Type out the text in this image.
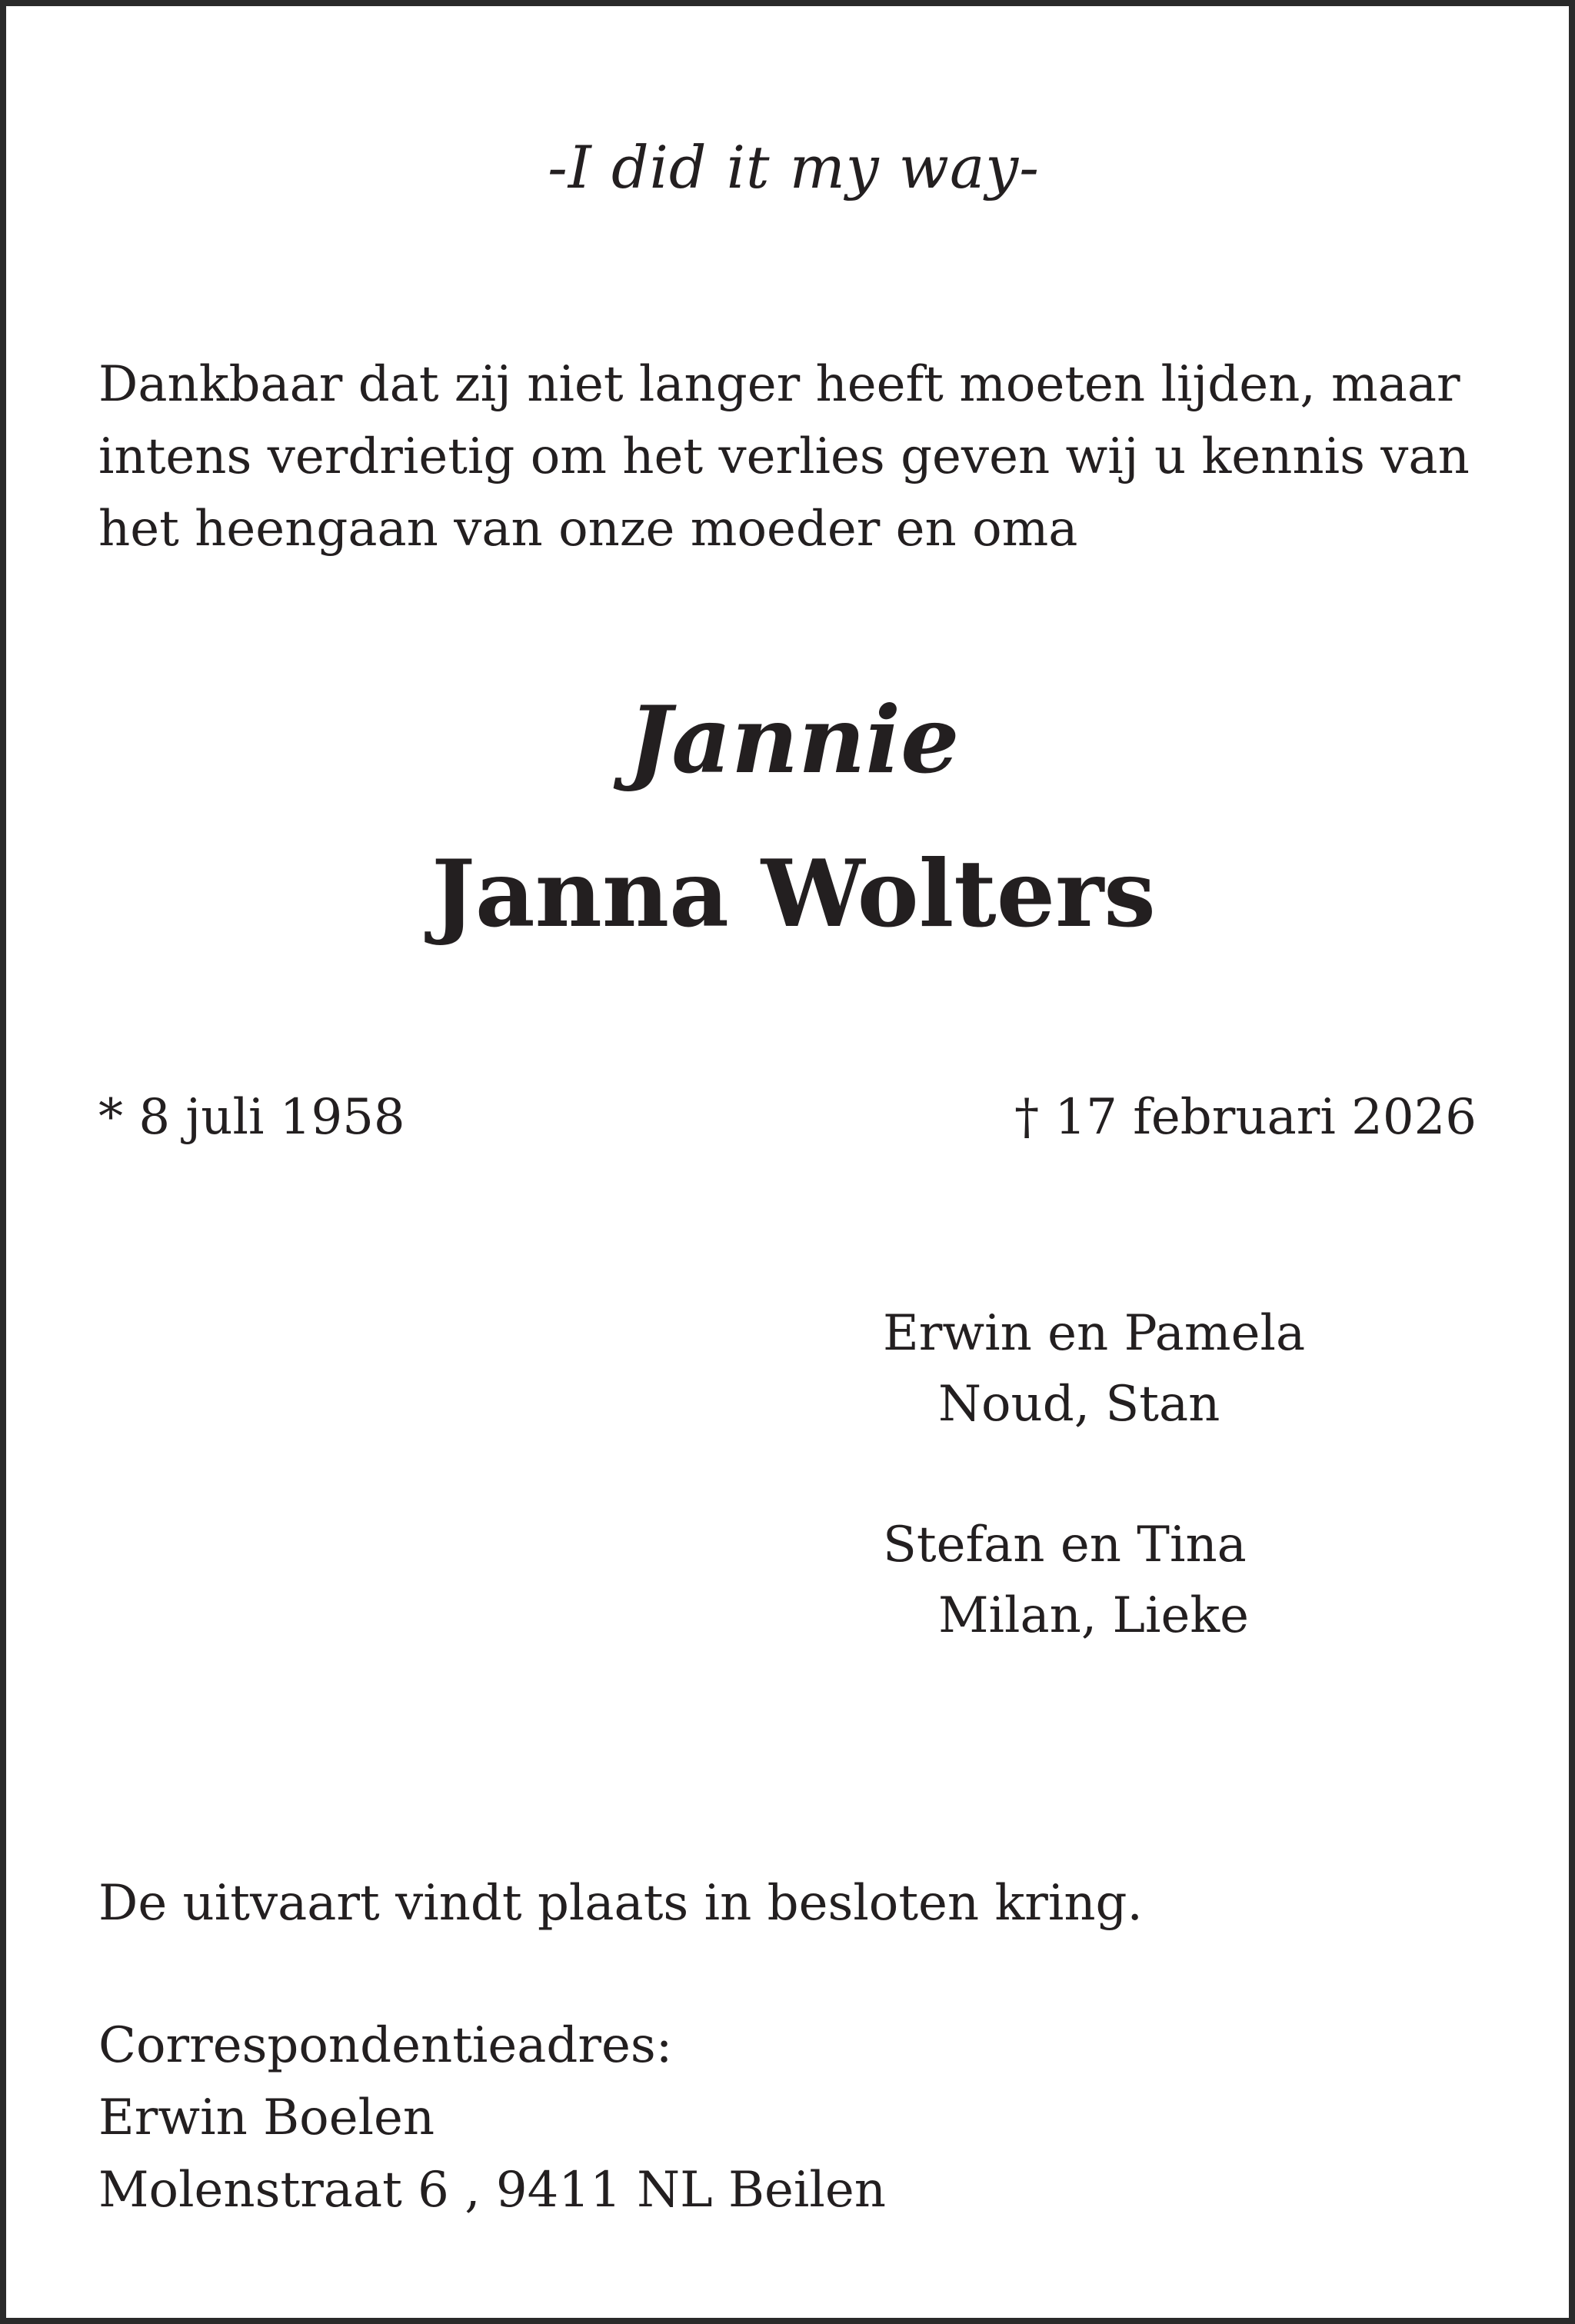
-I did it my way-

Dankbaar dat zij niet langer heeft moeten lijden, maar

intens verdrietig om het verlies geven wij u kennis van

het heengaan van onze moeder en oma

Jannie
Janna Wolters
* 8 juli 1958	† 17 februari 2026
Erwin en Pamela
Noud, Stan
Stefan en Tina
Milan, Lieke
De uitvaart vindt plaats in besloten kring.
Correspondentieadres:
Erwin Boelen
Molenstraat 6 , 9411 NL Beilen
